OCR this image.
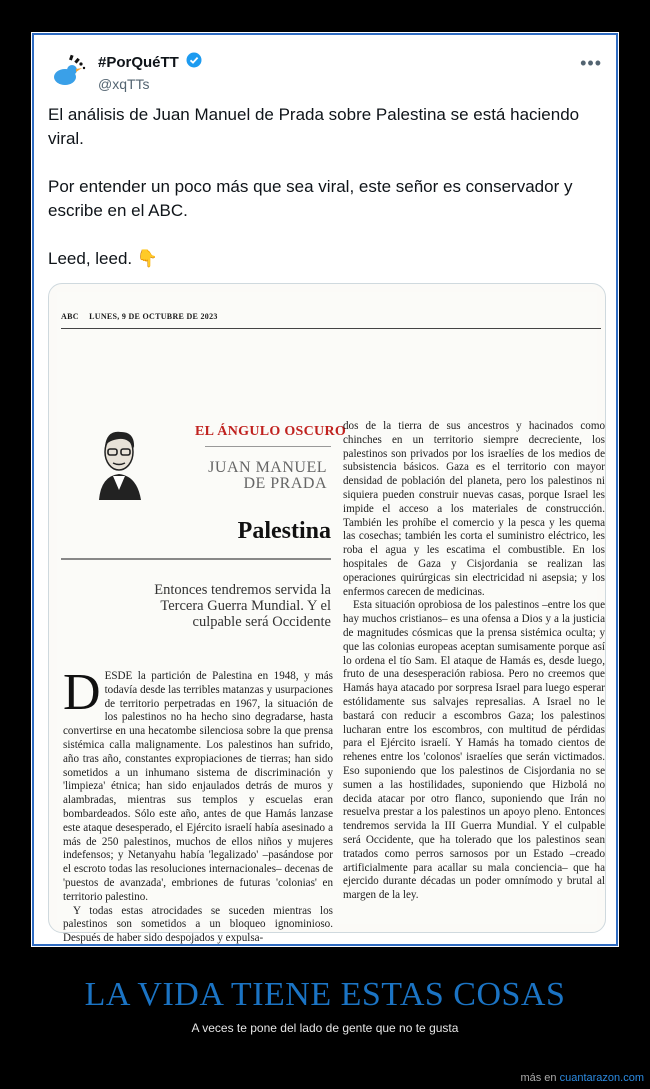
#PorQuéTT
@xqTTs
•••

El análisis de Juan Manuel de Prada sobre Palestina se está haciendo viral.

Por entender un poco más que sea viral, este señor es conservador y escribe en el ABC.

Leed, leed. 👇

ABC LUNES, 9 DE OCTUBRE DE 2023
EL ÁNGULO OSCURO
JUAN MANUEL
DE PRADA
Palestina
Entonces tendremos servida la Tercera Guerra Mundial. Y el culpable será Occidente
D ESDE la partición de Palestina en 1948, y más todavía desde las terribles matanzas y usurpaciones de territorio perpetradas en 1967, la situación de los palestinos no ha hecho sino degradarse, hasta convertirse en una hecatombe silenciosa sobre la que prensa sistémica calla malignamente. Los palestinos han sufrido, año tras año, constantes expropiaciones de tierras; han sido sometidos a un inhumano sistema de discriminación y 'limpieza' étnica; han sido enjaulados detrás de muros y alambradas, mientras sus templos y escuelas eran bombardeados. Sólo este año, antes de que Hamás lanzase este ataque desesperado, el Ejército israelí había asesinado a más de 250 palestinos, muchos de ellos niños y mujeres indefensos; y Netanyahu había 'legalizado' –pasándose por el escroto todas las resoluciones internacionales– decenas de 'puestos de avanzada', embriones de futuras 'colonias' en territorio palestino.

Y todas estas atrocidades se suceden mientras los palestinos son sometidos a un bloqueo ignominioso. Después de haber sido despojados y expulsa-

dos de la tierra de sus ancestros y hacinados como chinches en un territorio siempre decreciente, los palestinos son privados por los israelíes de los medios de subsistencia básicos. Gaza es el territorio con mayor densidad de población del planeta, pero los palestinos ni siquiera pueden construir nuevas casas, porque Israel les impide el acceso a los materiales de construcción. También les prohíbe el comercio y la pesca y les quema las cosechas; también les corta el suministro eléctrico, les roba el agua y les escatima el combustible. En los hospitales de Gaza y Cisjordania se realizan las operaciones quirúrgicas sin electricidad ni asepsia; y los enfermos carecen de medicinas.

Esta situación oprobiosa de los palestinos –entre los que hay muchos cristianos– es una ofensa a Dios y a la justicia de magnitudes cósmicas que la prensa sistémica oculta; y que las colonias europeas aceptan sumisamente porque así lo ordena el tío Sam. El ataque de Hamás es, desde luego, fruto de una desesperación rabiosa. Pero no creemos que Hamás haya atacado por sorpresa Israel para luego esperar estólidamente sus salvajes represalias. A Israel no le bastará con reducir a escombros Gaza; los palestinos lucharan entre los escombros, con multitud de pérdidas para el Ejército israelí. Y Hamás ha tomado cientos de rehenes entre los 'colonos' israelíes que serán victimados. Eso suponiendo que los palestinos de Cisjordania no se sumen a las hostilidades, suponiendo que Hizbolá no decida atacar por otro flanco, suponiendo que Irán no resuelva prestar a los palestinos un apoyo pleno. Entonces tendremos servida la III Guerra Mundial. Y el culpable será Occidente, que ha tolerado que los palestinos sean tratados como perros sarnosos por un Estado –creado artificialmente para acallar su mala conciencia– que ha ejercido durante décadas un poder omnímodo y brutal al margen de la ley.

LA VIDA TIENE ESTAS COSAS
A veces te pone del lado de gente que no te gusta
más en cuantarazon.com
